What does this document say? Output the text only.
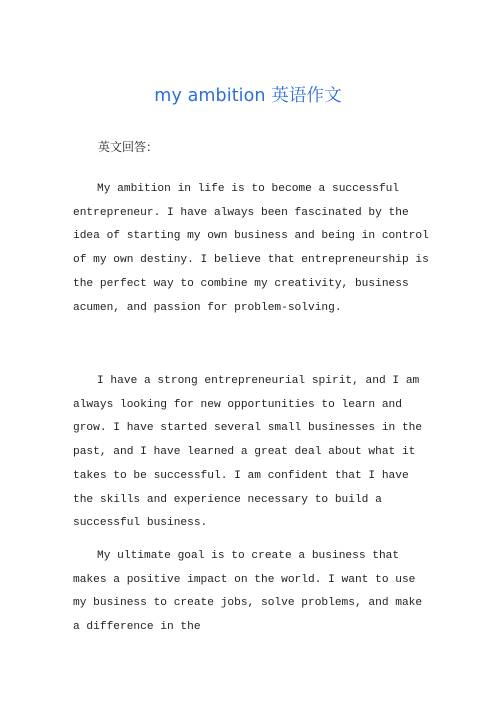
my ambition 英语作文
英文回答：

My ambition in life is to become a successful entrepreneur. I have always been fascinated by the idea of starting my own business and being in control of my own destiny. I believe that entrepreneurship is the perfect way to combine my creativity, business acumen, and passion for problem-solving.

I have a strong entrepreneurial spirit, and I am always looking for new opportunities to learn and grow. I have started several small businesses in the past, and I have learned a great deal about what it takes to be successful. I am confident that I have the skills and experience necessary to build a successful business.

My ultimate goal is to create a business that makes a positive impact on the world. I want to use my business to create jobs, solve problems, and make a difference in the
